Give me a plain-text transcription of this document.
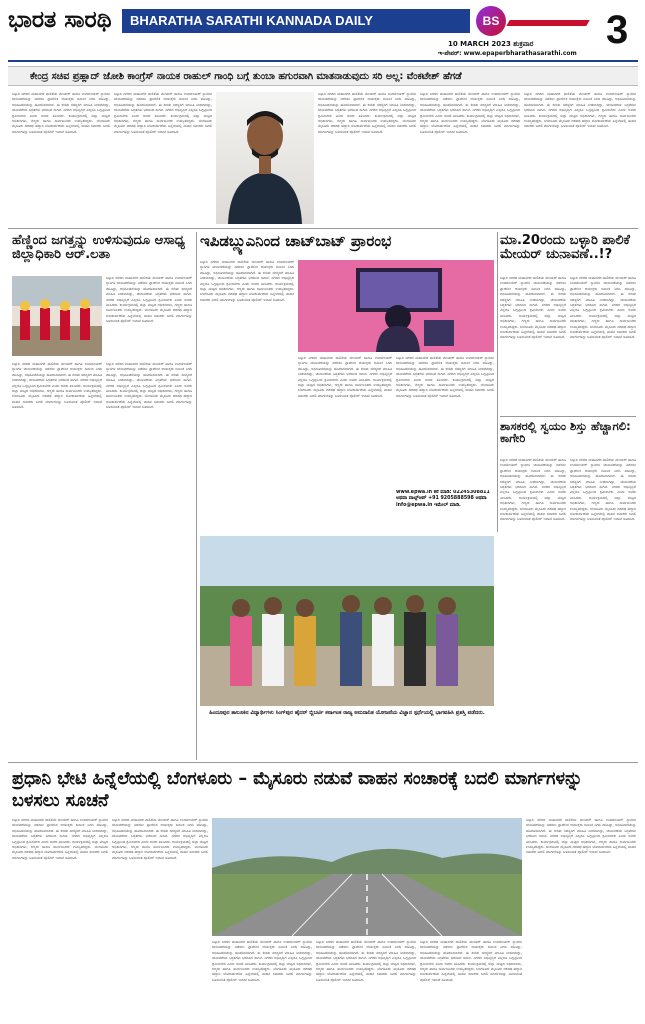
ಭಾರತ ಸಾರಥಿ	BHARATHA SARATHI KANNADA DAILY	BS
10 MARCH 2023 ಶುಕ್ರವಾರ
ಇ-ಪೇಪರ್: www.epaperbharathasarathi.com
3
ಕೇಂದ್ರ ಸಚಿವ ಪ್ರಹ್ಲಾದ್ ಜೋಶಿ ಕಾಂಗ್ರೆಸ್ ನಾಯಕ ರಾಹುಲ್ ಗಾಂಧಿ ಬಗ್ಗೆ ತುಂಬಾ ಹಗುರವಾಗಿ ಮಾತನಾಡುವುದು ಸರಿ ಅಲ್ಲ: ವೆಂಕಟೇಶ್ ಹೆಗಡೆ
ಬಳ್ಳಾರಿ ನಗರದ ಮಹಾನಗರ ಪಾಲಿಕೆಯ ಮೇಯರ್ ಹಾಗೂ ಉಪಮೇಯರ್ ಸ್ಥಾನಗಳ ಚುನಾವಣೆಯನ್ನು ನಡೆಸಲು ಪ್ರಾದೇಶಿಕ ಆಯುಕ್ತರು ದಿನಾಂಕ ನಿಗದಿ ಪಡಿಸಿದ್ದು, ಅಧಿಸೂಚನೆಯನ್ನು ಹೊರಡಿಸಲಾಗಿದೆ. ಈ ಕುರಿತು ಸದಸ್ಯರಿಗೆ ಮಾಹಿತಿ ನೀಡಲಾಗಿದ್ದು, ಚುನಾವಣೆಯ ಸಿದ್ಧತೆಗಳು ಭರದಿಂದ ಸಾಗಿವೆ. ನಗರದ ಅಭಿವೃದ್ಧಿಗೆ ಎಲ್ಲರೂ ಒಗ್ಗಟ್ಟಿನಿಂದ ಶ್ರಮಿಸಬೇಕು ಎಂದು ಅವರು ತಿಳಿಸಿದರು. ಕಾರ್ಯಕ್ರಮದಲ್ಲಿ ಜಿಲ್ಲಾ ಮಟ್ಟದ ಅಧಿಕಾರಿಗಳು, ಗಣ್ಯರು ಹಾಗೂ ಸಾರ್ವಜನಿಕರು ಉಪಸ್ಥಿತರಿದ್ದರು. ಬೆಂಗಳೂರು ಮೈಸೂರು ದಶಪಥ ಹೆದ್ದಾರಿ ಲೋಕಾರ್ಪಣೆಯ ಹಿನ್ನೆಲೆಯಲ್ಲಿ ವಾಹನ ಸವಾರರು ಬದಲಿ ಮಾರ್ಗಗಳನ್ನು ಬಳಸುವಂತೆ ಪೊಲೀಸ್ ಇಲಾಖೆ ಸೂಚಿಸಿದೆ.
ಬಳ್ಳಾರಿ ನಗರದ ಮಹಾನಗರ ಪಾಲಿಕೆಯ ಮೇಯರ್ ಹಾಗೂ ಉಪಮೇಯರ್ ಸ್ಥಾನಗಳ ಚುನಾವಣೆಯನ್ನು ನಡೆಸಲು ಪ್ರಾದೇಶಿಕ ಆಯುಕ್ತರು ದಿನಾಂಕ ನಿಗದಿ ಪಡಿಸಿದ್ದು, ಅಧಿಸೂಚನೆಯನ್ನು ಹೊರಡಿಸಲಾಗಿದೆ. ಈ ಕುರಿತು ಸದಸ್ಯರಿಗೆ ಮಾಹಿತಿ ನೀಡಲಾಗಿದ್ದು, ಚುನಾವಣೆಯ ಸಿದ್ಧತೆಗಳು ಭರದಿಂದ ಸಾಗಿವೆ. ನಗರದ ಅಭಿವೃದ್ಧಿಗೆ ಎಲ್ಲರೂ ಒಗ್ಗಟ್ಟಿನಿಂದ ಶ್ರಮಿಸಬೇಕು ಎಂದು ಅವರು ತಿಳಿಸಿದರು. ಕಾರ್ಯಕ್ರಮದಲ್ಲಿ ಜಿಲ್ಲಾ ಮಟ್ಟದ ಅಧಿಕಾರಿಗಳು, ಗಣ್ಯರು ಹಾಗೂ ಸಾರ್ವಜನಿಕರು ಉಪಸ್ಥಿತರಿದ್ದರು. ಬೆಂಗಳೂರು ಮೈಸೂರು ದಶಪಥ ಹೆದ್ದಾರಿ ಲೋಕಾರ್ಪಣೆಯ ಹಿನ್ನೆಲೆಯಲ್ಲಿ ವಾಹನ ಸವಾರರು ಬದಲಿ ಮಾರ್ಗಗಳನ್ನು ಬಳಸುವಂತೆ ಪೊಲೀಸ್ ಇಲಾಖೆ ಸೂಚಿಸಿದೆ.
ಬಳ್ಳಾರಿ ನಗರದ ಮಹಾನಗರ ಪಾಲಿಕೆಯ ಮೇಯರ್ ಹಾಗೂ ಉಪಮೇಯರ್ ಸ್ಥಾನಗಳ ಚುನಾವಣೆಯನ್ನು ನಡೆಸಲು ಪ್ರಾದೇಶಿಕ ಆಯುಕ್ತರು ದಿನಾಂಕ ನಿಗದಿ ಪಡಿಸಿದ್ದು, ಅಧಿಸೂಚನೆಯನ್ನು ಹೊರಡಿಸಲಾಗಿದೆ. ಈ ಕುರಿತು ಸದಸ್ಯರಿಗೆ ಮಾಹಿತಿ ನೀಡಲಾಗಿದ್ದು, ಚುನಾವಣೆಯ ಸಿದ್ಧತೆಗಳು ಭರದಿಂದ ಸಾಗಿವೆ. ನಗರದ ಅಭಿವೃದ್ಧಿಗೆ ಎಲ್ಲರೂ ಒಗ್ಗಟ್ಟಿನಿಂದ ಶ್ರಮಿಸಬೇಕು ಎಂದು ಅವರು ತಿಳಿಸಿದರು. ಕಾರ್ಯಕ್ರಮದಲ್ಲಿ ಜಿಲ್ಲಾ ಮಟ್ಟದ ಅಧಿಕಾರಿಗಳು, ಗಣ್ಯರು ಹಾಗೂ ಸಾರ್ವಜನಿಕರು ಉಪಸ್ಥಿತರಿದ್ದರು. ಬೆಂಗಳೂರು ಮೈಸೂರು ದಶಪಥ ಹೆದ್ದಾರಿ ಲೋಕಾರ್ಪಣೆಯ ಹಿನ್ನೆಲೆಯಲ್ಲಿ ವಾಹನ ಸವಾರರು ಬದಲಿ ಮಾರ್ಗಗಳನ್ನು ಬಳಸುವಂತೆ ಪೊಲೀಸ್ ಇಲಾಖೆ ಸೂಚಿಸಿದೆ.
ಬಳ್ಳಾರಿ ನಗರದ ಮಹಾನಗರ ಪಾಲಿಕೆಯ ಮೇಯರ್ ಹಾಗೂ ಉಪಮೇಯರ್ ಸ್ಥಾನಗಳ ಚುನಾವಣೆಯನ್ನು ನಡೆಸಲು ಪ್ರಾದೇಶಿಕ ಆಯುಕ್ತರು ದಿನಾಂಕ ನಿಗದಿ ಪಡಿಸಿದ್ದು, ಅಧಿಸೂಚನೆಯನ್ನು ಹೊರಡಿಸಲಾಗಿದೆ. ಈ ಕುರಿತು ಸದಸ್ಯರಿಗೆ ಮಾಹಿತಿ ನೀಡಲಾಗಿದ್ದು, ಚುನಾವಣೆಯ ಸಿದ್ಧತೆಗಳು ಭರದಿಂದ ಸಾಗಿವೆ. ನಗರದ ಅಭಿವೃದ್ಧಿಗೆ ಎಲ್ಲರೂ ಒಗ್ಗಟ್ಟಿನಿಂದ ಶ್ರಮಿಸಬೇಕು ಎಂದು ಅವರು ತಿಳಿಸಿದರು. ಕಾರ್ಯಕ್ರಮದಲ್ಲಿ ಜಿಲ್ಲಾ ಮಟ್ಟದ ಅಧಿಕಾರಿಗಳು, ಗಣ್ಯರು ಹಾಗೂ ಸಾರ್ವಜನಿಕರು ಉಪಸ್ಥಿತರಿದ್ದರು. ಬೆಂಗಳೂರು ಮೈಸೂರು ದಶಪಥ ಹೆದ್ದಾರಿ ಲೋಕಾರ್ಪಣೆಯ ಹಿನ್ನೆಲೆಯಲ್ಲಿ ವಾಹನ ಸವಾರರು ಬದಲಿ ಮಾರ್ಗಗಳನ್ನು ಬಳಸುವಂತೆ ಪೊಲೀಸ್ ಇಲಾಖೆ ಸೂಚಿಸಿದೆ.
ಬಳ್ಳಾರಿ ನಗರದ ಮಹಾನಗರ ಪಾಲಿಕೆಯ ಮೇಯರ್ ಹಾಗೂ ಉಪಮೇಯರ್ ಸ್ಥಾನಗಳ ಚುನಾವಣೆಯನ್ನು ನಡೆಸಲು ಪ್ರಾದೇಶಿಕ ಆಯುಕ್ತರು ದಿನಾಂಕ ನಿಗದಿ ಪಡಿಸಿದ್ದು, ಅಧಿಸೂಚನೆಯನ್ನು ಹೊರಡಿಸಲಾಗಿದೆ. ಈ ಕುರಿತು ಸದಸ್ಯರಿಗೆ ಮಾಹಿತಿ ನೀಡಲಾಗಿದ್ದು, ಚುನಾವಣೆಯ ಸಿದ್ಧತೆಗಳು ಭರದಿಂದ ಸಾಗಿವೆ. ನಗರದ ಅಭಿವೃದ್ಧಿಗೆ ಎಲ್ಲರೂ ಒಗ್ಗಟ್ಟಿನಿಂದ ಶ್ರಮಿಸಬೇಕು ಎಂದು ಅವರು ತಿಳಿಸಿದರು. ಕಾರ್ಯಕ್ರಮದಲ್ಲಿ ಜಿಲ್ಲಾ ಮಟ್ಟದ ಅಧಿಕಾರಿಗಳು, ಗಣ್ಯರು ಹಾಗೂ ಸಾರ್ವಜನಿಕರು ಉಪಸ್ಥಿತರಿದ್ದರು. ಬೆಂಗಳೂರು ಮೈಸೂರು ದಶಪಥ ಹೆದ್ದಾರಿ ಲೋಕಾರ್ಪಣೆಯ ಹಿನ್ನೆಲೆಯಲ್ಲಿ ವಾಹನ ಸವಾರರು ಬದಲಿ ಮಾರ್ಗಗಳನ್ನು ಬಳಸುವಂತೆ ಪೊಲೀಸ್ ಇಲಾಖೆ ಸೂಚಿಸಿದೆ.
ಹೆಣ್ಣಿಂದ ಜಗತ್ತನ್ನು ಉಳಿಸುವುದೂ ಆಸಾಧ್ಯ ಜಿಲ್ಲಾಧಿಕಾರಿ ಆರ್.ಲತಾ
ಬಳ್ಳಾರಿ ನಗರದ ಮಹಾನಗರ ಪಾಲಿಕೆಯ ಮೇಯರ್ ಹಾಗೂ ಉಪಮೇಯರ್ ಸ್ಥಾನಗಳ ಚುನಾವಣೆಯನ್ನು ನಡೆಸಲು ಪ್ರಾದೇಶಿಕ ಆಯುಕ್ತರು ದಿನಾಂಕ ನಿಗದಿ ಪಡಿಸಿದ್ದು, ಅಧಿಸೂಚನೆಯನ್ನು ಹೊರಡಿಸಲಾಗಿದೆ. ಈ ಕುರಿತು ಸದಸ್ಯರಿಗೆ ಮಾಹಿತಿ ನೀಡಲಾಗಿದ್ದು, ಚುನಾವಣೆಯ ಸಿದ್ಧತೆಗಳು ಭರದಿಂದ ಸಾಗಿವೆ. ನಗರದ ಅಭಿವೃದ್ಧಿಗೆ ಎಲ್ಲರೂ ಒಗ್ಗಟ್ಟಿನಿಂದ ಶ್ರಮಿಸಬೇಕು ಎಂದು ಅವರು ತಿಳಿಸಿದರು. ಕಾರ್ಯಕ್ರಮದಲ್ಲಿ ಜಿಲ್ಲಾ ಮಟ್ಟದ ಅಧಿಕಾರಿಗಳು, ಗಣ್ಯರು ಹಾಗೂ ಸಾರ್ವಜನಿಕರು ಉಪಸ್ಥಿತರಿದ್ದರು. ಬೆಂಗಳೂರು ಮೈಸೂರು ದಶಪಥ ಹೆದ್ದಾರಿ ಲೋಕಾರ್ಪಣೆಯ ಹಿನ್ನೆಲೆಯಲ್ಲಿ ವಾಹನ ಸವಾರರು ಬದಲಿ ಮಾರ್ಗಗಳನ್ನು ಬಳಸುವಂತೆ ಪೊಲೀಸ್ ಇಲಾಖೆ ಸೂಚಿಸಿದೆ.
ಬಳ್ಳಾರಿ ನಗರದ ಮಹಾನಗರ ಪಾಲಿಕೆಯ ಮೇಯರ್ ಹಾಗೂ ಉಪಮೇಯರ್ ಸ್ಥಾನಗಳ ಚುನಾವಣೆಯನ್ನು ನಡೆಸಲು ಪ್ರಾದೇಶಿಕ ಆಯುಕ್ತರು ದಿನಾಂಕ ನಿಗದಿ ಪಡಿಸಿದ್ದು, ಅಧಿಸೂಚನೆಯನ್ನು ಹೊರಡಿಸಲಾಗಿದೆ. ಈ ಕುರಿತು ಸದಸ್ಯರಿಗೆ ಮಾಹಿತಿ ನೀಡಲಾಗಿದ್ದು, ಚುನಾವಣೆಯ ಸಿದ್ಧತೆಗಳು ಭರದಿಂದ ಸಾಗಿವೆ. ನಗರದ ಅಭಿವೃದ್ಧಿಗೆ ಎಲ್ಲರೂ ಒಗ್ಗಟ್ಟಿನಿಂದ ಶ್ರಮಿಸಬೇಕು ಎಂದು ಅವರು ತಿಳಿಸಿದರು. ಕಾರ್ಯಕ್ರಮದಲ್ಲಿ ಜಿಲ್ಲಾ ಮಟ್ಟದ ಅಧಿಕಾರಿಗಳು, ಗಣ್ಯರು ಹಾಗೂ ಸಾರ್ವಜನಿಕರು ಉಪಸ್ಥಿತರಿದ್ದರು. ಬೆಂಗಳೂರು ಮೈಸೂರು ದಶಪಥ ಹೆದ್ದಾರಿ ಲೋಕಾರ್ಪಣೆಯ ಹಿನ್ನೆಲೆಯಲ್ಲಿ ವಾಹನ ಸವಾರರು ಬದಲಿ ಮಾರ್ಗಗಳನ್ನು ಬಳಸುವಂತೆ ಪೊಲೀಸ್ ಇಲಾಖೆ ಸೂಚಿಸಿದೆ.
ಬಳ್ಳಾರಿ ನಗರದ ಮಹಾನಗರ ಪಾಲಿಕೆಯ ಮೇಯರ್ ಹಾಗೂ ಉಪಮೇಯರ್ ಸ್ಥಾನಗಳ ಚುನಾವಣೆಯನ್ನು ನಡೆಸಲು ಪ್ರಾದೇಶಿಕ ಆಯುಕ್ತರು ದಿನಾಂಕ ನಿಗದಿ ಪಡಿಸಿದ್ದು, ಅಧಿಸೂಚನೆಯನ್ನು ಹೊರಡಿಸಲಾಗಿದೆ. ಈ ಕುರಿತು ಸದಸ್ಯರಿಗೆ ಮಾಹಿತಿ ನೀಡಲಾಗಿದ್ದು, ಚುನಾವಣೆಯ ಸಿದ್ಧತೆಗಳು ಭರದಿಂದ ಸಾಗಿವೆ. ನಗರದ ಅಭಿವೃದ್ಧಿಗೆ ಎಲ್ಲರೂ ಒಗ್ಗಟ್ಟಿನಿಂದ ಶ್ರಮಿಸಬೇಕು ಎಂದು ಅವರು ತಿಳಿಸಿದರು. ಕಾರ್ಯಕ್ರಮದಲ್ಲಿ ಜಿಲ್ಲಾ ಮಟ್ಟದ ಅಧಿಕಾರಿಗಳು, ಗಣ್ಯರು ಹಾಗೂ ಸಾರ್ವಜನಿಕರು ಉಪಸ್ಥಿತರಿದ್ದರು. ಬೆಂಗಳೂರು ಮೈಸೂರು ದಶಪಥ ಹೆದ್ದಾರಿ ಲೋಕಾರ್ಪಣೆಯ ಹಿನ್ನೆಲೆಯಲ್ಲಿ ವಾಹನ ಸವಾರರು ಬದಲಿ ಮಾರ್ಗಗಳನ್ನು ಬಳಸುವಂತೆ ಪೊಲೀಸ್ ಇಲಾಖೆ ಸೂಚಿಸಿದೆ.
ಇಪಿಡಬ್ಲ್ಯುಎನಿಂದ ಚಾಟ್‌ಬಾಟ್ ಪ್ರಾರಂಭ
ಬಳ್ಳಾರಿ ನಗರದ ಮಹಾನಗರ ಪಾಲಿಕೆಯ ಮೇಯರ್ ಹಾಗೂ ಉಪಮೇಯರ್ ಸ್ಥಾನಗಳ ಚುನಾವಣೆಯನ್ನು ನಡೆಸಲು ಪ್ರಾದೇಶಿಕ ಆಯುಕ್ತರು ದಿನಾಂಕ ನಿಗದಿ ಪಡಿಸಿದ್ದು, ಅಧಿಸೂಚನೆಯನ್ನು ಹೊರಡಿಸಲಾಗಿದೆ. ಈ ಕುರಿತು ಸದಸ್ಯರಿಗೆ ಮಾಹಿತಿ ನೀಡಲಾಗಿದ್ದು, ಚುನಾವಣೆಯ ಸಿದ್ಧತೆಗಳು ಭರದಿಂದ ಸಾಗಿವೆ. ನಗರದ ಅಭಿವೃದ್ಧಿಗೆ ಎಲ್ಲರೂ ಒಗ್ಗಟ್ಟಿನಿಂದ ಶ್ರಮಿಸಬೇಕು ಎಂದು ಅವರು ತಿಳಿಸಿದರು. ಕಾರ್ಯಕ್ರಮದಲ್ಲಿ ಜಿಲ್ಲಾ ಮಟ್ಟದ ಅಧಿಕಾರಿಗಳು, ಗಣ್ಯರು ಹಾಗೂ ಸಾರ್ವಜನಿಕರು ಉಪಸ್ಥಿತರಿದ್ದರು. ಬೆಂಗಳೂರು ಮೈಸೂರು ದಶಪಥ ಹೆದ್ದಾರಿ ಲೋಕಾರ್ಪಣೆಯ ಹಿನ್ನೆಲೆಯಲ್ಲಿ ವಾಹನ ಸವಾರರು ಬದಲಿ ಮಾರ್ಗಗಳನ್ನು ಬಳಸುವಂತೆ ಪೊಲೀಸ್ ಇಲಾಖೆ ಸೂಚಿಸಿದೆ.
ಬಳ್ಳಾರಿ ನಗರದ ಮಹಾನಗರ ಪಾಲಿಕೆಯ ಮೇಯರ್ ಹಾಗೂ ಉಪಮೇಯರ್ ಸ್ಥಾನಗಳ ಚುನಾವಣೆಯನ್ನು ನಡೆಸಲು ಪ್ರಾದೇಶಿಕ ಆಯುಕ್ತರು ದಿನಾಂಕ ನಿಗದಿ ಪಡಿಸಿದ್ದು, ಅಧಿಸೂಚನೆಯನ್ನು ಹೊರಡಿಸಲಾಗಿದೆ. ಈ ಕುರಿತು ಸದಸ್ಯರಿಗೆ ಮಾಹಿತಿ ನೀಡಲಾಗಿದ್ದು, ಚುನಾವಣೆಯ ಸಿದ್ಧತೆಗಳು ಭರದಿಂದ ಸಾಗಿವೆ. ನಗರದ ಅಭಿವೃದ್ಧಿಗೆ ಎಲ್ಲರೂ ಒಗ್ಗಟ್ಟಿನಿಂದ ಶ್ರಮಿಸಬೇಕು ಎಂದು ಅವರು ತಿಳಿಸಿದರು. ಕಾರ್ಯಕ್ರಮದಲ್ಲಿ ಜಿಲ್ಲಾ ಮಟ್ಟದ ಅಧಿಕಾರಿಗಳು, ಗಣ್ಯರು ಹಾಗೂ ಸಾರ್ವಜನಿಕರು ಉಪಸ್ಥಿತರಿದ್ದರು. ಬೆಂಗಳೂರು ಮೈಸೂರು ದಶಪಥ ಹೆದ್ದಾರಿ ಲೋಕಾರ್ಪಣೆಯ ಹಿನ್ನೆಲೆಯಲ್ಲಿ ವಾಹನ ಸವಾರರು ಬದಲಿ ಮಾರ್ಗಗಳನ್ನು ಬಳಸುವಂತೆ ಪೊಲೀಸ್ ಇಲಾಖೆ ಸೂಚಿಸಿದೆ.
ಬಳ್ಳಾರಿ ನಗರದ ಮಹಾನಗರ ಪಾಲಿಕೆಯ ಮೇಯರ್ ಹಾಗೂ ಉಪಮೇಯರ್ ಸ್ಥಾನಗಳ ಚುನಾವಣೆಯನ್ನು ನಡೆಸಲು ಪ್ರಾದೇಶಿಕ ಆಯುಕ್ತರು ದಿನಾಂಕ ನಿಗದಿ ಪಡಿಸಿದ್ದು, ಅಧಿಸೂಚನೆಯನ್ನು ಹೊರಡಿಸಲಾಗಿದೆ. ಈ ಕುರಿತು ಸದಸ್ಯರಿಗೆ ಮಾಹಿತಿ ನೀಡಲಾಗಿದ್ದು, ಚುನಾವಣೆಯ ಸಿದ್ಧತೆಗಳು ಭರದಿಂದ ಸಾಗಿವೆ. ನಗರದ ಅಭಿವೃದ್ಧಿಗೆ ಎಲ್ಲರೂ ಒಗ್ಗಟ್ಟಿನಿಂದ ಶ್ರಮಿಸಬೇಕು ಎಂದು ಅವರು ತಿಳಿಸಿದರು. ಕಾರ್ಯಕ್ರಮದಲ್ಲಿ ಜಿಲ್ಲಾ ಮಟ್ಟದ ಅಧಿಕಾರಿಗಳು, ಗಣ್ಯರು ಹಾಗೂ ಸಾರ್ವಜನಿಕರು ಉಪಸ್ಥಿತರಿದ್ದರು. ಬೆಂಗಳೂರು ಮೈಸೂರು ದಶಪಥ ಹೆದ್ದಾರಿ ಲೋಕಾರ್ಪಣೆಯ ಹಿನ್ನೆಲೆಯಲ್ಲಿ ವಾಹನ ಸವಾರರು ಬದಲಿ ಮಾರ್ಗಗಳನ್ನು ಬಳಸುವಂತೆ ಪೊಲೀಸ್ ಇಲಾಖೆ ಸೂಚಿಸಿದೆ.
www.epwa.in ಕರೆ ಮಾಡಿ: 02245308811 ಅಥವಾ ವಾಟ್ಸ್ಆಪ್ +91 9205888598 ಅಥವಾ info@epwa.in ಇಮೇಲ್ ಮಾಡಿ.
ಮಾ.20ರಂದು ಬಳ್ಳಾರಿ ಪಾಲಿಕೆ ಮೇಯರ್ ಚುನಾವಣೆ..!?
ಬಳ್ಳಾರಿ ನಗರದ ಮಹಾನಗರ ಪಾಲಿಕೆಯ ಮೇಯರ್ ಹಾಗೂ ಉಪಮೇಯರ್ ಸ್ಥಾನಗಳ ಚುನಾವಣೆಯನ್ನು ನಡೆಸಲು ಪ್ರಾದೇಶಿಕ ಆಯುಕ್ತರು ದಿನಾಂಕ ನಿಗದಿ ಪಡಿಸಿದ್ದು, ಅಧಿಸೂಚನೆಯನ್ನು ಹೊರಡಿಸಲಾಗಿದೆ. ಈ ಕುರಿತು ಸದಸ್ಯರಿಗೆ ಮಾಹಿತಿ ನೀಡಲಾಗಿದ್ದು, ಚುನಾವಣೆಯ ಸಿದ್ಧತೆಗಳು ಭರದಿಂದ ಸಾಗಿವೆ. ನಗರದ ಅಭಿವೃದ್ಧಿಗೆ ಎಲ್ಲರೂ ಒಗ್ಗಟ್ಟಿನಿಂದ ಶ್ರಮಿಸಬೇಕು ಎಂದು ಅವರು ತಿಳಿಸಿದರು. ಕಾರ್ಯಕ್ರಮದಲ್ಲಿ ಜಿಲ್ಲಾ ಮಟ್ಟದ ಅಧಿಕಾರಿಗಳು, ಗಣ್ಯರು ಹಾಗೂ ಸಾರ್ವಜನಿಕರು ಉಪಸ್ಥಿತರಿದ್ದರು. ಬೆಂಗಳೂರು ಮೈಸೂರು ದಶಪಥ ಹೆದ್ದಾರಿ ಲೋಕಾರ್ಪಣೆಯ ಹಿನ್ನೆಲೆಯಲ್ಲಿ ವಾಹನ ಸವಾರರು ಬದಲಿ ಮಾರ್ಗಗಳನ್ನು ಬಳಸುವಂತೆ ಪೊಲೀಸ್ ಇಲಾಖೆ ಸೂಚಿಸಿದೆ.
ಬಳ್ಳಾರಿ ನಗರದ ಮಹಾನಗರ ಪಾಲಿಕೆಯ ಮೇಯರ್ ಹಾಗೂ ಉಪಮೇಯರ್ ಸ್ಥಾನಗಳ ಚುನಾವಣೆಯನ್ನು ನಡೆಸಲು ಪ್ರಾದೇಶಿಕ ಆಯುಕ್ತರು ದಿನಾಂಕ ನಿಗದಿ ಪಡಿಸಿದ್ದು, ಅಧಿಸೂಚನೆಯನ್ನು ಹೊರಡಿಸಲಾಗಿದೆ. ಈ ಕುರಿತು ಸದಸ್ಯರಿಗೆ ಮಾಹಿತಿ ನೀಡಲಾಗಿದ್ದು, ಚುನಾವಣೆಯ ಸಿದ್ಧತೆಗಳು ಭರದಿಂದ ಸಾಗಿವೆ. ನಗರದ ಅಭಿವೃದ್ಧಿಗೆ ಎಲ್ಲರೂ ಒಗ್ಗಟ್ಟಿನಿಂದ ಶ್ರಮಿಸಬೇಕು ಎಂದು ಅವರು ತಿಳಿಸಿದರು. ಕಾರ್ಯಕ್ರಮದಲ್ಲಿ ಜಿಲ್ಲಾ ಮಟ್ಟದ ಅಧಿಕಾರಿಗಳು, ಗಣ್ಯರು ಹಾಗೂ ಸಾರ್ವಜನಿಕರು ಉಪಸ್ಥಿತರಿದ್ದರು. ಬೆಂಗಳೂರು ಮೈಸೂರು ದಶಪಥ ಹೆದ್ದಾರಿ ಲೋಕಾರ್ಪಣೆಯ ಹಿನ್ನೆಲೆಯಲ್ಲಿ ವಾಹನ ಸವಾರರು ಬದಲಿ ಮಾರ್ಗಗಳನ್ನು ಬಳಸುವಂತೆ ಪೊಲೀಸ್ ಇಲಾಖೆ ಸೂಚಿಸಿದೆ.
ಶಾಸಕರಲ್ಲಿ ಸ್ವಯಂ ಶಿಸ್ತು ಹೆಚ್ಚಾಗಲಿ: ಕಾಗೇರಿ
ಬಳ್ಳಾರಿ ನಗರದ ಮಹಾನಗರ ಪಾಲಿಕೆಯ ಮೇಯರ್ ಹಾಗೂ ಉಪಮೇಯರ್ ಸ್ಥಾನಗಳ ಚುನಾವಣೆಯನ್ನು ನಡೆಸಲು ಪ್ರಾದೇಶಿಕ ಆಯುಕ್ತರು ದಿನಾಂಕ ನಿಗದಿ ಪಡಿಸಿದ್ದು, ಅಧಿಸೂಚನೆಯನ್ನು ಹೊರಡಿಸಲಾಗಿದೆ. ಈ ಕುರಿತು ಸದಸ್ಯರಿಗೆ ಮಾಹಿತಿ ನೀಡಲಾಗಿದ್ದು, ಚುನಾವಣೆಯ ಸಿದ್ಧತೆಗಳು ಭರದಿಂದ ಸಾಗಿವೆ. ನಗರದ ಅಭಿವೃದ್ಧಿಗೆ ಎಲ್ಲರೂ ಒಗ್ಗಟ್ಟಿನಿಂದ ಶ್ರಮಿಸಬೇಕು ಎಂದು ಅವರು ತಿಳಿಸಿದರು. ಕಾರ್ಯಕ್ರಮದಲ್ಲಿ ಜಿಲ್ಲಾ ಮಟ್ಟದ ಅಧಿಕಾರಿಗಳು, ಗಣ್ಯರು ಹಾಗೂ ಸಾರ್ವಜನಿಕರು ಉಪಸ್ಥಿತರಿದ್ದರು. ಬೆಂಗಳೂರು ಮೈಸೂರು ದಶಪಥ ಹೆದ್ದಾರಿ ಲೋಕಾರ್ಪಣೆಯ ಹಿನ್ನೆಲೆಯಲ್ಲಿ ವಾಹನ ಸವಾರರು ಬದಲಿ ಮಾರ್ಗಗಳನ್ನು ಬಳಸುವಂತೆ ಪೊಲೀಸ್ ಇಲಾಖೆ ಸೂಚಿಸಿದೆ.
ಬಳ್ಳಾರಿ ನಗರದ ಮಹಾನಗರ ಪಾಲಿಕೆಯ ಮೇಯರ್ ಹಾಗೂ ಉಪಮೇಯರ್ ಸ್ಥಾನಗಳ ಚುನಾವಣೆಯನ್ನು ನಡೆಸಲು ಪ್ರಾದೇಶಿಕ ಆಯುಕ್ತರು ದಿನಾಂಕ ನಿಗದಿ ಪಡಿಸಿದ್ದು, ಅಧಿಸೂಚನೆಯನ್ನು ಹೊರಡಿಸಲಾಗಿದೆ. ಈ ಕುರಿತು ಸದಸ್ಯರಿಗೆ ಮಾಹಿತಿ ನೀಡಲಾಗಿದ್ದು, ಚುನಾವಣೆಯ ಸಿದ್ಧತೆಗಳು ಭರದಿಂದ ಸಾಗಿವೆ. ನಗರದ ಅಭಿವೃದ್ಧಿಗೆ ಎಲ್ಲರೂ ಒಗ್ಗಟ್ಟಿನಿಂದ ಶ್ರಮಿಸಬೇಕು ಎಂದು ಅವರು ತಿಳಿಸಿದರು. ಕಾರ್ಯಕ್ರಮದಲ್ಲಿ ಜಿಲ್ಲಾ ಮಟ್ಟದ ಅಧಿಕಾರಿಗಳು, ಗಣ್ಯರು ಹಾಗೂ ಸಾರ್ವಜನಿಕರು ಉಪಸ್ಥಿತರಿದ್ದರು. ಬೆಂಗಳೂರು ಮೈಸೂರು ದಶಪಥ ಹೆದ್ದಾರಿ ಲೋಕಾರ್ಪಣೆಯ ಹಿನ್ನೆಲೆಯಲ್ಲಿ ವಾಹನ ಸವಾರರು ಬದಲಿ ಮಾರ್ಗಗಳನ್ನು ಬಳಸುವಂತೆ ಪೊಲೀಸ್ ಇಲಾಖೆ ಸೂಚಿಸಿದೆ.
ಹಿಂದೂಪುರ ತಾಲೂಕಿನ ವಿದ್ಯಾರ್ಥಿಗಳು ಸಿಂಗ್‌ಪುರ ಹೈದರ್ ಬ್ಲಿಬರ್ಟಿ ಕರ್ನಾಟಕ ರಾಜ್ಯ ಅನುದಾನಿತ ಯೋಜನೆಯ ವಿಜ್ಞಾನ ಸ್ಪರ್ಧೆಯಲ್ಲಿ ಭಾಗವಹಿಸಿ ಪ್ರಶಸ್ತಿ ಪಡೆದರು.
ಪ್ರಧಾನಿ ಭೇಟಿ ಹಿನ್ನೆಲೆಯಲ್ಲಿ ಬೆಂಗಳೂರು – ಮೈಸೂರು ನಡುವೆ ವಾಹನ ಸಂಚಾರಕ್ಕೆ ಬದಲಿ ಮಾರ್ಗಗಳನ್ನು ಬಳಸಲು ಸೂಚನೆ
ಬಳ್ಳಾರಿ ನಗರದ ಮಹಾನಗರ ಪಾಲಿಕೆಯ ಮೇಯರ್ ಹಾಗೂ ಉಪಮೇಯರ್ ಸ್ಥಾನಗಳ ಚುನಾವಣೆಯನ್ನು ನಡೆಸಲು ಪ್ರಾದೇಶಿಕ ಆಯುಕ್ತರು ದಿನಾಂಕ ನಿಗದಿ ಪಡಿಸಿದ್ದು, ಅಧಿಸೂಚನೆಯನ್ನು ಹೊರಡಿಸಲಾಗಿದೆ. ಈ ಕುರಿತು ಸದಸ್ಯರಿಗೆ ಮಾಹಿತಿ ನೀಡಲಾಗಿದ್ದು, ಚುನಾವಣೆಯ ಸಿದ್ಧತೆಗಳು ಭರದಿಂದ ಸಾಗಿವೆ. ನಗರದ ಅಭಿವೃದ್ಧಿಗೆ ಎಲ್ಲರೂ ಒಗ್ಗಟ್ಟಿನಿಂದ ಶ್ರಮಿಸಬೇಕು ಎಂದು ಅವರು ತಿಳಿಸಿದರು. ಕಾರ್ಯಕ್ರಮದಲ್ಲಿ ಜಿಲ್ಲಾ ಮಟ್ಟದ ಅಧಿಕಾರಿಗಳು, ಗಣ್ಯರು ಹಾಗೂ ಸಾರ್ವಜನಿಕರು ಉಪಸ್ಥಿತರಿದ್ದರು. ಬೆಂಗಳೂರು ಮೈಸೂರು ದಶಪಥ ಹೆದ್ದಾರಿ ಲೋಕಾರ್ಪಣೆಯ ಹಿನ್ನೆಲೆಯಲ್ಲಿ ವಾಹನ ಸವಾರರು ಬದಲಿ ಮಾರ್ಗಗಳನ್ನು ಬಳಸುವಂತೆ ಪೊಲೀಸ್ ಇಲಾಖೆ ಸೂಚಿಸಿದೆ.
ಬಳ್ಳಾರಿ ನಗರದ ಮಹಾನಗರ ಪಾಲಿಕೆಯ ಮೇಯರ್ ಹಾಗೂ ಉಪಮೇಯರ್ ಸ್ಥಾನಗಳ ಚುನಾವಣೆಯನ್ನು ನಡೆಸಲು ಪ್ರಾದೇಶಿಕ ಆಯುಕ್ತರು ದಿನಾಂಕ ನಿಗದಿ ಪಡಿಸಿದ್ದು, ಅಧಿಸೂಚನೆಯನ್ನು ಹೊರಡಿಸಲಾಗಿದೆ. ಈ ಕುರಿತು ಸದಸ್ಯರಿಗೆ ಮಾಹಿತಿ ನೀಡಲಾಗಿದ್ದು, ಚುನಾವಣೆಯ ಸಿದ್ಧತೆಗಳು ಭರದಿಂದ ಸಾಗಿವೆ. ನಗರದ ಅಭಿವೃದ್ಧಿಗೆ ಎಲ್ಲರೂ ಒಗ್ಗಟ್ಟಿನಿಂದ ಶ್ರಮಿಸಬೇಕು ಎಂದು ಅವರು ತಿಳಿಸಿದರು. ಕಾರ್ಯಕ್ರಮದಲ್ಲಿ ಜಿಲ್ಲಾ ಮಟ್ಟದ ಅಧಿಕಾರಿಗಳು, ಗಣ್ಯರು ಹಾಗೂ ಸಾರ್ವಜನಿಕರು ಉಪಸ್ಥಿತರಿದ್ದರು. ಬೆಂಗಳೂರು ಮೈಸೂರು ದಶಪಥ ಹೆದ್ದಾರಿ ಲೋಕಾರ್ಪಣೆಯ ಹಿನ್ನೆಲೆಯಲ್ಲಿ ವಾಹನ ಸವಾರರು ಬದಲಿ ಮಾರ್ಗಗಳನ್ನು ಬಳಸುವಂತೆ ಪೊಲೀಸ್ ಇಲಾಖೆ ಸೂಚಿಸಿದೆ.
ಬಳ್ಳಾರಿ ನಗರದ ಮಹಾನಗರ ಪಾಲಿಕೆಯ ಮೇಯರ್ ಹಾಗೂ ಉಪಮೇಯರ್ ಸ್ಥಾನಗಳ ಚುನಾವಣೆಯನ್ನು ನಡೆಸಲು ಪ್ರಾದೇಶಿಕ ಆಯುಕ್ತರು ದಿನಾಂಕ ನಿಗದಿ ಪಡಿಸಿದ್ದು, ಅಧಿಸೂಚನೆಯನ್ನು ಹೊರಡಿಸಲಾಗಿದೆ. ಈ ಕುರಿತು ಸದಸ್ಯರಿಗೆ ಮಾಹಿತಿ ನೀಡಲಾಗಿದ್ದು, ಚುನಾವಣೆಯ ಸಿದ್ಧತೆಗಳು ಭರದಿಂದ ಸಾಗಿವೆ. ನಗರದ ಅಭಿವೃದ್ಧಿಗೆ ಎಲ್ಲರೂ ಒಗ್ಗಟ್ಟಿನಿಂದ ಶ್ರಮಿಸಬೇಕು ಎಂದು ಅವರು ತಿಳಿಸಿದರು. ಕಾರ್ಯಕ್ರಮದಲ್ಲಿ ಜಿಲ್ಲಾ ಮಟ್ಟದ ಅಧಿಕಾರಿಗಳು, ಗಣ್ಯರು ಹಾಗೂ ಸಾರ್ವಜನಿಕರು ಉಪಸ್ಥಿತರಿದ್ದರು. ಬೆಂಗಳೂರು ಮೈಸೂರು ದಶಪಥ ಹೆದ್ದಾರಿ ಲೋಕಾರ್ಪಣೆಯ ಹಿನ್ನೆಲೆಯಲ್ಲಿ ವಾಹನ ಸವಾರರು ಬದಲಿ ಮಾರ್ಗಗಳನ್ನು ಬಳಸುವಂತೆ ಪೊಲೀಸ್ ಇಲಾಖೆ ಸೂಚಿಸಿದೆ.
ಬಳ್ಳಾರಿ ನಗರದ ಮಹಾನಗರ ಪಾಲಿಕೆಯ ಮೇಯರ್ ಹಾಗೂ ಉಪಮೇಯರ್ ಸ್ಥಾನಗಳ ಚುನಾವಣೆಯನ್ನು ನಡೆಸಲು ಪ್ರಾದೇಶಿಕ ಆಯುಕ್ತರು ದಿನಾಂಕ ನಿಗದಿ ಪಡಿಸಿದ್ದು, ಅಧಿಸೂಚನೆಯನ್ನು ಹೊರಡಿಸಲಾಗಿದೆ. ಈ ಕುರಿತು ಸದಸ್ಯರಿಗೆ ಮಾಹಿತಿ ನೀಡಲಾಗಿದ್ದು, ಚುನಾವಣೆಯ ಸಿದ್ಧತೆಗಳು ಭರದಿಂದ ಸಾಗಿವೆ. ನಗರದ ಅಭಿವೃದ್ಧಿಗೆ ಎಲ್ಲರೂ ಒಗ್ಗಟ್ಟಿನಿಂದ ಶ್ರಮಿಸಬೇಕು ಎಂದು ಅವರು ತಿಳಿಸಿದರು. ಕಾರ್ಯಕ್ರಮದಲ್ಲಿ ಜಿಲ್ಲಾ ಮಟ್ಟದ ಅಧಿಕಾರಿಗಳು, ಗಣ್ಯರು ಹಾಗೂ ಸಾರ್ವಜನಿಕರು ಉಪಸ್ಥಿತರಿದ್ದರು. ಬೆಂಗಳೂರು ಮೈಸೂರು ದಶಪಥ ಹೆದ್ದಾರಿ ಲೋಕಾರ್ಪಣೆಯ ಹಿನ್ನೆಲೆಯಲ್ಲಿ ವಾಹನ ಸವಾರರು ಬದಲಿ ಮಾರ್ಗಗಳನ್ನು ಬಳಸುವಂತೆ ಪೊಲೀಸ್ ಇಲಾಖೆ ಸೂಚಿಸಿದೆ.
ಬಳ್ಳಾರಿ ನಗರದ ಮಹಾನಗರ ಪಾಲಿಕೆಯ ಮೇಯರ್ ಹಾಗೂ ಉಪಮೇಯರ್ ಸ್ಥಾನಗಳ ಚುನಾವಣೆಯನ್ನು ನಡೆಸಲು ಪ್ರಾದೇಶಿಕ ಆಯುಕ್ತರು ದಿನಾಂಕ ನಿಗದಿ ಪಡಿಸಿದ್ದು, ಅಧಿಸೂಚನೆಯನ್ನು ಹೊರಡಿಸಲಾಗಿದೆ. ಈ ಕುರಿತು ಸದಸ್ಯರಿಗೆ ಮಾಹಿತಿ ನೀಡಲಾಗಿದ್ದು, ಚುನಾವಣೆಯ ಸಿದ್ಧತೆಗಳು ಭರದಿಂದ ಸಾಗಿವೆ. ನಗರದ ಅಭಿವೃದ್ಧಿಗೆ ಎಲ್ಲರೂ ಒಗ್ಗಟ್ಟಿನಿಂದ ಶ್ರಮಿಸಬೇಕು ಎಂದು ಅವರು ತಿಳಿಸಿದರು. ಕಾರ್ಯಕ್ರಮದಲ್ಲಿ ಜಿಲ್ಲಾ ಮಟ್ಟದ ಅಧಿಕಾರಿಗಳು, ಗಣ್ಯರು ಹಾಗೂ ಸಾರ್ವಜನಿಕರು ಉಪಸ್ಥಿತರಿದ್ದರು. ಬೆಂಗಳೂರು ಮೈಸೂರು ದಶಪಥ ಹೆದ್ದಾರಿ ಲೋಕಾರ್ಪಣೆಯ ಹಿನ್ನೆಲೆಯಲ್ಲಿ ವಾಹನ ಸವಾರರು ಬದಲಿ ಮಾರ್ಗಗಳನ್ನು ಬಳಸುವಂತೆ ಪೊಲೀಸ್ ಇಲಾಖೆ ಸೂಚಿಸಿದೆ.
ಬಳ್ಳಾರಿ ನಗರದ ಮಹಾನಗರ ಪಾಲಿಕೆಯ ಮೇಯರ್ ಹಾಗೂ ಉಪಮೇಯರ್ ಸ್ಥಾನಗಳ ಚುನಾವಣೆಯನ್ನು ನಡೆಸಲು ಪ್ರಾದೇಶಿಕ ಆಯುಕ್ತರು ದಿನಾಂಕ ನಿಗದಿ ಪಡಿಸಿದ್ದು, ಅಧಿಸೂಚನೆಯನ್ನು ಹೊರಡಿಸಲಾಗಿದೆ. ಈ ಕುರಿತು ಸದಸ್ಯರಿಗೆ ಮಾಹಿತಿ ನೀಡಲಾಗಿದ್ದು, ಚುನಾವಣೆಯ ಸಿದ್ಧತೆಗಳು ಭರದಿಂದ ಸಾಗಿವೆ. ನಗರದ ಅಭಿವೃದ್ಧಿಗೆ ಎಲ್ಲರೂ ಒಗ್ಗಟ್ಟಿನಿಂದ ಶ್ರಮಿಸಬೇಕು ಎಂದು ಅವರು ತಿಳಿಸಿದರು. ಕಾರ್ಯಕ್ರಮದಲ್ಲಿ ಜಿಲ್ಲಾ ಮಟ್ಟದ ಅಧಿಕಾರಿಗಳು, ಗಣ್ಯರು ಹಾಗೂ ಸಾರ್ವಜನಿಕರು ಉಪಸ್ಥಿತರಿದ್ದರು. ಬೆಂಗಳೂರು ಮೈಸೂರು ದಶಪಥ ಹೆದ್ದಾರಿ ಲೋಕಾರ್ಪಣೆಯ ಹಿನ್ನೆಲೆಯಲ್ಲಿ ವಾಹನ ಸವಾರರು ಬದಲಿ ಮಾರ್ಗಗಳನ್ನು ಬಳಸುವಂತೆ ಪೊಲೀಸ್ ಇಲಾಖೆ ಸೂಚಿಸಿದೆ.
